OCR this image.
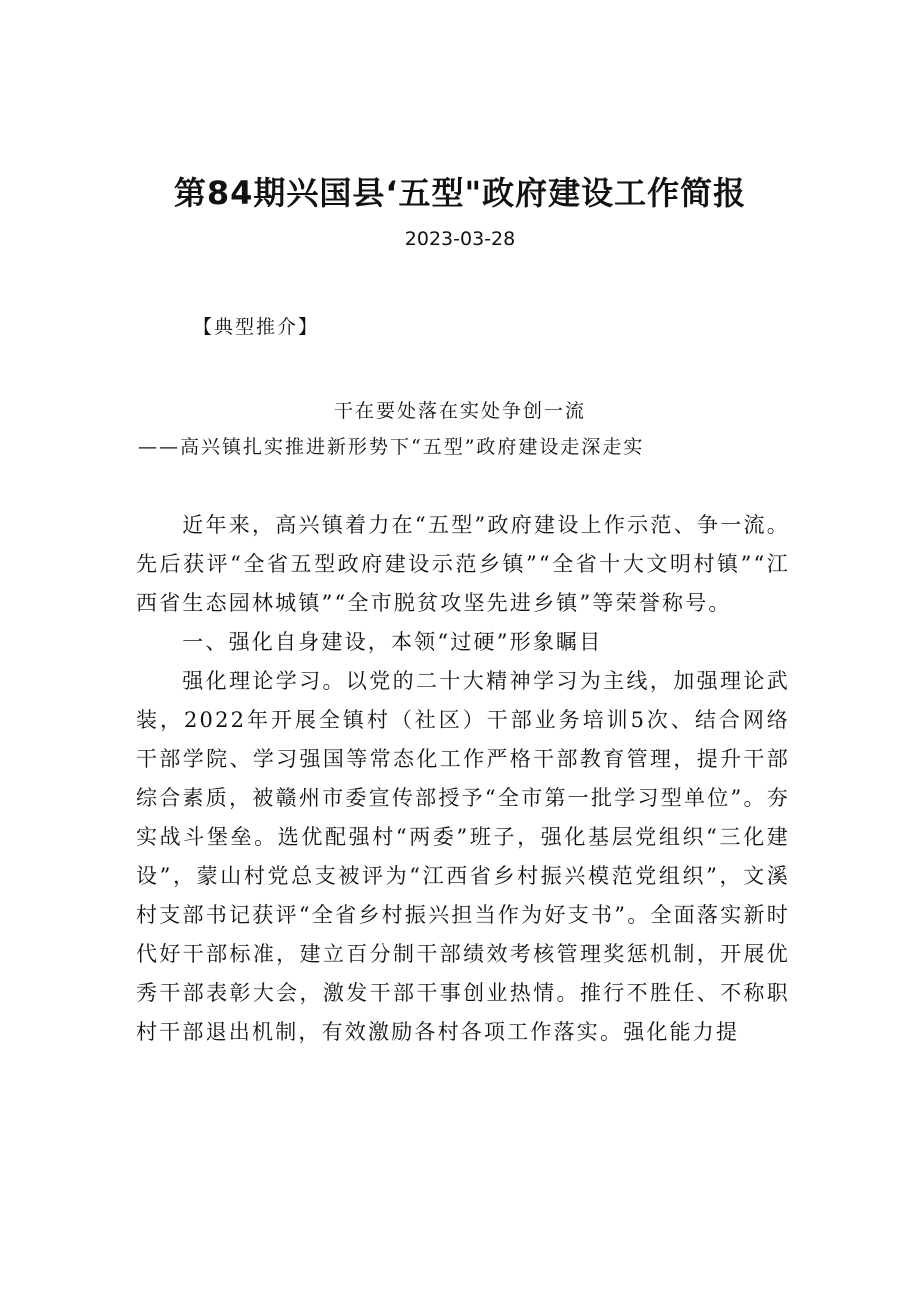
第84期兴国县‘五型"政府建设工作简报
2023-03-28
【典型推介】
干在要处落在实处争创一流
——高兴镇扎实推进新形势下“五型”政府建设走深走实

近年来，高兴镇着力在“五型”政府建设上作示范、争一流。先后获评“全省五型政府建设示范乡镇”“全省十大文明村镇”“江西省生态园林城镇”“全市脱贫攻坚先进乡镇”等荣誉称号。

一、强化自身建设，本领“过硬”形象瞩目

强化理论学习。以党的二十大精神学习为主线，加强理论武装，2022年开展全镇村（社区）干部业务培训5次、结合网络干部学院、学习强国等常态化工作严格干部教育管理，提升干部综合素质，被赣州市委宣传部授予“全市第一批学习型单位”。夯实战斗堡垒。选优配强村“两委”班子，强化基层党组织“三化建设”，蒙山村党总支被评为“江西省乡村振兴模范党组织”，文溪村支部书记获评“全省乡村振兴担当作为好支书”。全面落实新时代好干部标准，建立百分制干部绩效考核管理奖惩机制，开展优秀干部表彰大会，激发干部干事创业热情。推行不胜任、不称职村干部退出机制，有效激励各村各项工作落实。强化能力提
